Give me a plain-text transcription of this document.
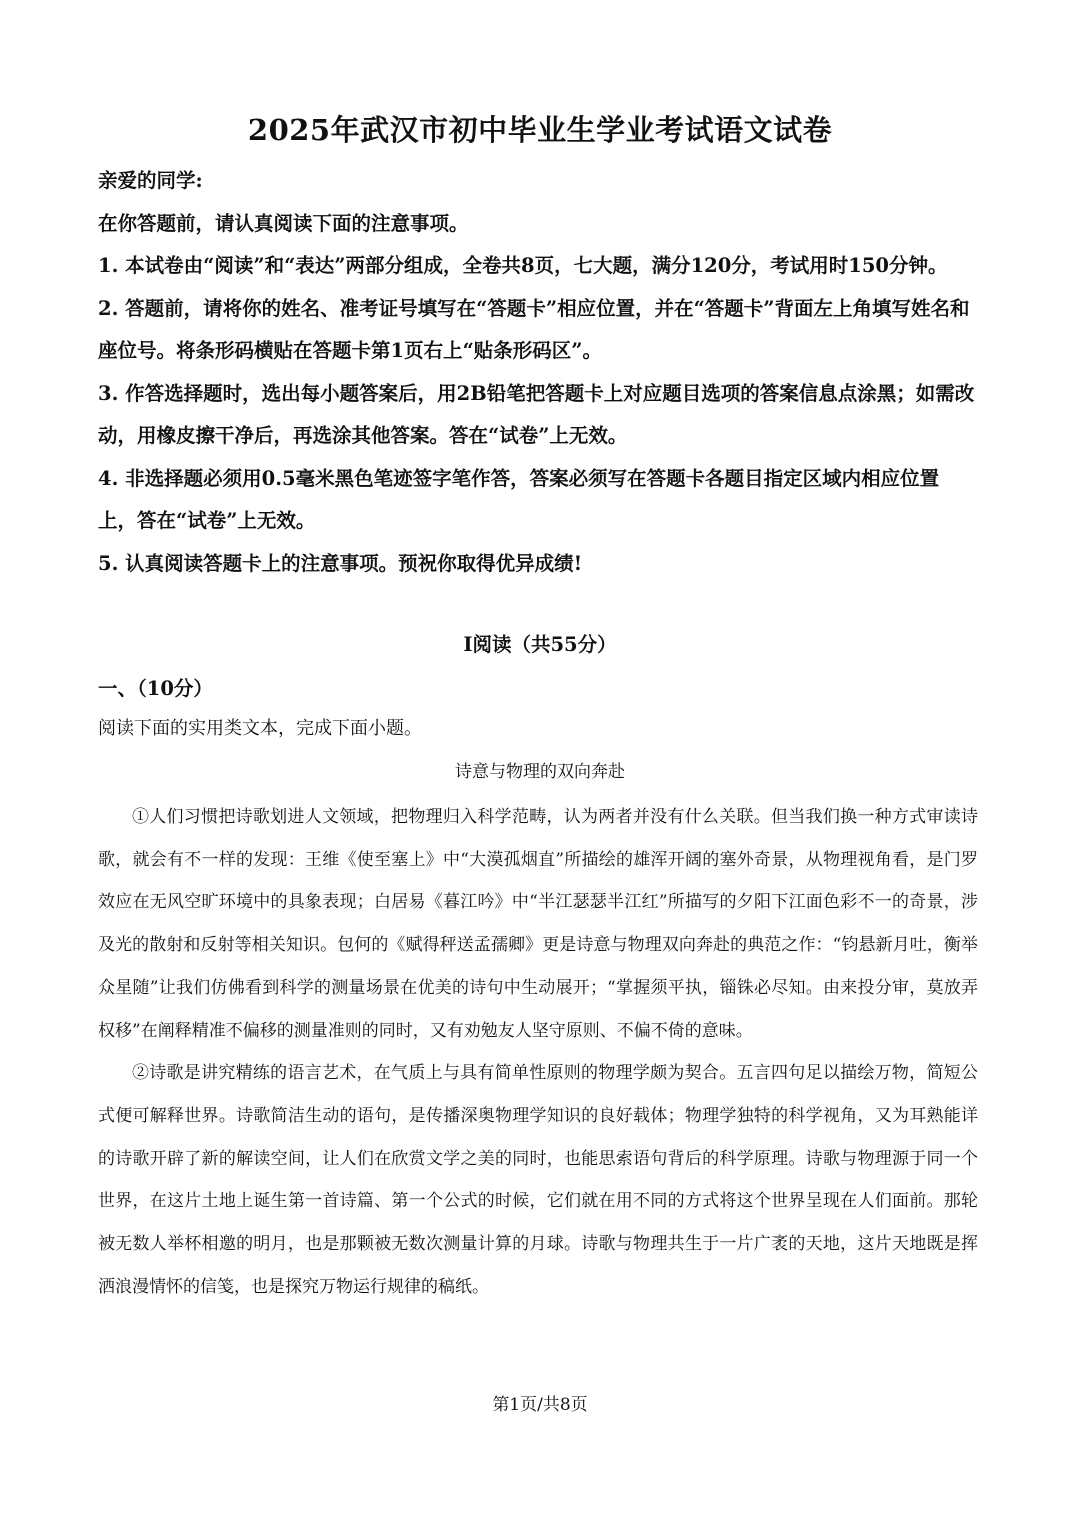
2025年武汉市初中毕业生学业考试语文试卷

亲爱的同学:

在你答题前，请认真阅读下面的注意事项。

1. 本试卷由“阅读”和“表达”两部分组成，全卷共8页，七大题，满分120分，考试用时150分钟。

2. 答题前，请将你的姓名、准考证号填写在“答题卡”相应位置，并在“答题卡”背面左上角填写姓名和座位号。将条形码横贴在答题卡第1页右上“贴条形码区”。

3. 作答选择题时，选出每小题答案后，用2B铅笔把答题卡上对应题目选项的答案信息点涂黑；如需改动，用橡皮擦干净后，再选涂其他答案。答在“试卷”上无效。

4. 非选择题必须用0.5毫米黑色笔迹签字笔作答，答案必须写在答题卡各题目指定区域内相应位置上，答在“试卷”上无效。

5. 认真阅读答题卡上的注意事项。预祝你取得优异成绩!

Ⅰ阅读（共55分）
一、（10分）
阅读下面的实用类文本，完成下面小题。
诗意与物理的双向奔赴

①人们习惯把诗歌划进人文领域，把物理归入科学范畴，认为两者并没有什么关联。但当我们换一种方式审读诗歌，就会有不一样的发现：王维《使至塞上》中“大漠孤烟直”所描绘的雄浑开阔的塞外奇景，从物理视角看，是门罗效应在无风空旷环境中的具象表现；白居易《暮江吟》中“半江瑟瑟半江红”所描写的夕阳下江面色彩不一的奇景，涉及光的散射和反射等相关知识。包何的《赋得秤送孟孺卿》更是诗意与物理双向奔赴的典范之作：“钧悬新月吐，衡举众星随”让我们仿佛看到科学的测量场景在优美的诗句中生动展开；“掌握须平执，锱铢必尽知。由来投分审，莫放弄权移”在阐释精准不偏移的测量准则的同时，又有劝勉友人坚守原则、不偏不倚的意味。

②诗歌是讲究精练的语言艺术，在气质上与具有简单性原则的物理学颇为契合。五言四句足以描绘万物，简短公式便可解释世界。诗歌简洁生动的语句，是传播深奥物理学知识的良好载体；物理学独特的科学视角，又为耳熟能详的诗歌开辟了新的解读空间，让人们在欣赏文学之美的同时，也能思索语句背后的科学原理。诗歌与物理源于同一个世界，在这片土地上诞生第一首诗篇、第一个公式的时候，它们就在用不同的方式将这个世界呈现在人们面前。那轮被无数人举杯相邀的明月，也是那颗被无数次测量计算的月球。诗歌与物理共生于一片广袤的天地，这片天地既是挥洒浪漫情怀的信笺，也是探究万物运行规律的稿纸。

第1页/共8页
